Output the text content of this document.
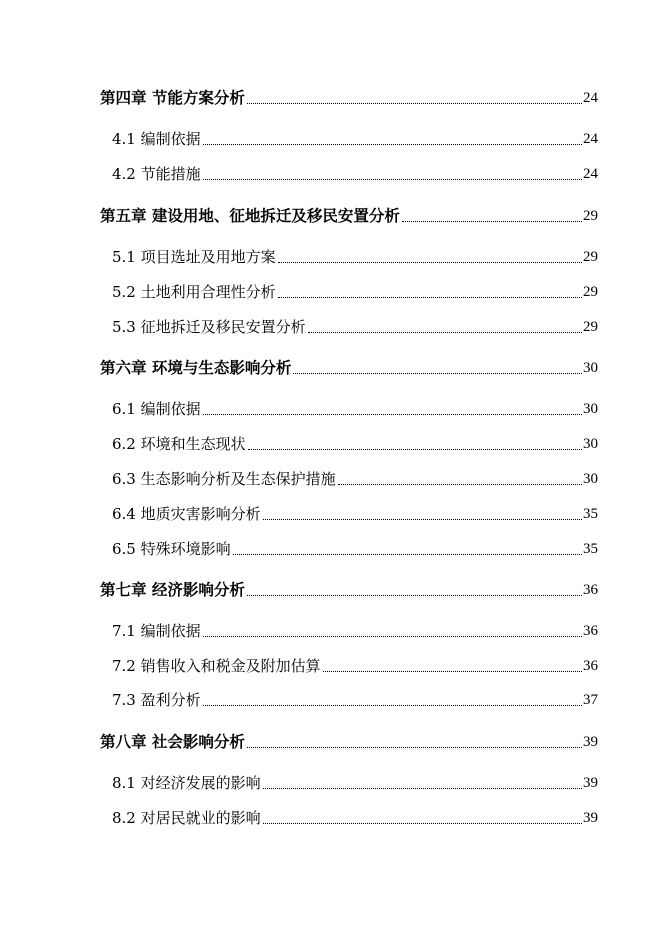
第四章 节能方案分析	24
4.1 编制依据	24
4.2 节能措施	24
第五章 建设用地、征地拆迁及移民安置分析	29
5.1 项目选址及用地方案	29
5.2 土地利用合理性分析	29
5.3 征地拆迁及移民安置分析	29
第六章 环境与生态影响分析	30
6.1 编制依据	30
6.2 环境和生态现状	30
6.3 生态影响分析及生态保护措施	30
6.4 地质灾害影响分析	35
6.5 特殊环境影响	35
第七章 经济影响分析	36
7.1 编制依据	36
7.2 销售收入和税金及附加估算	36
7.3 盈利分析	37
第八章 社会影响分析	39
8.1 对经济发展的影响	39
8.2 对居民就业的影响	39
